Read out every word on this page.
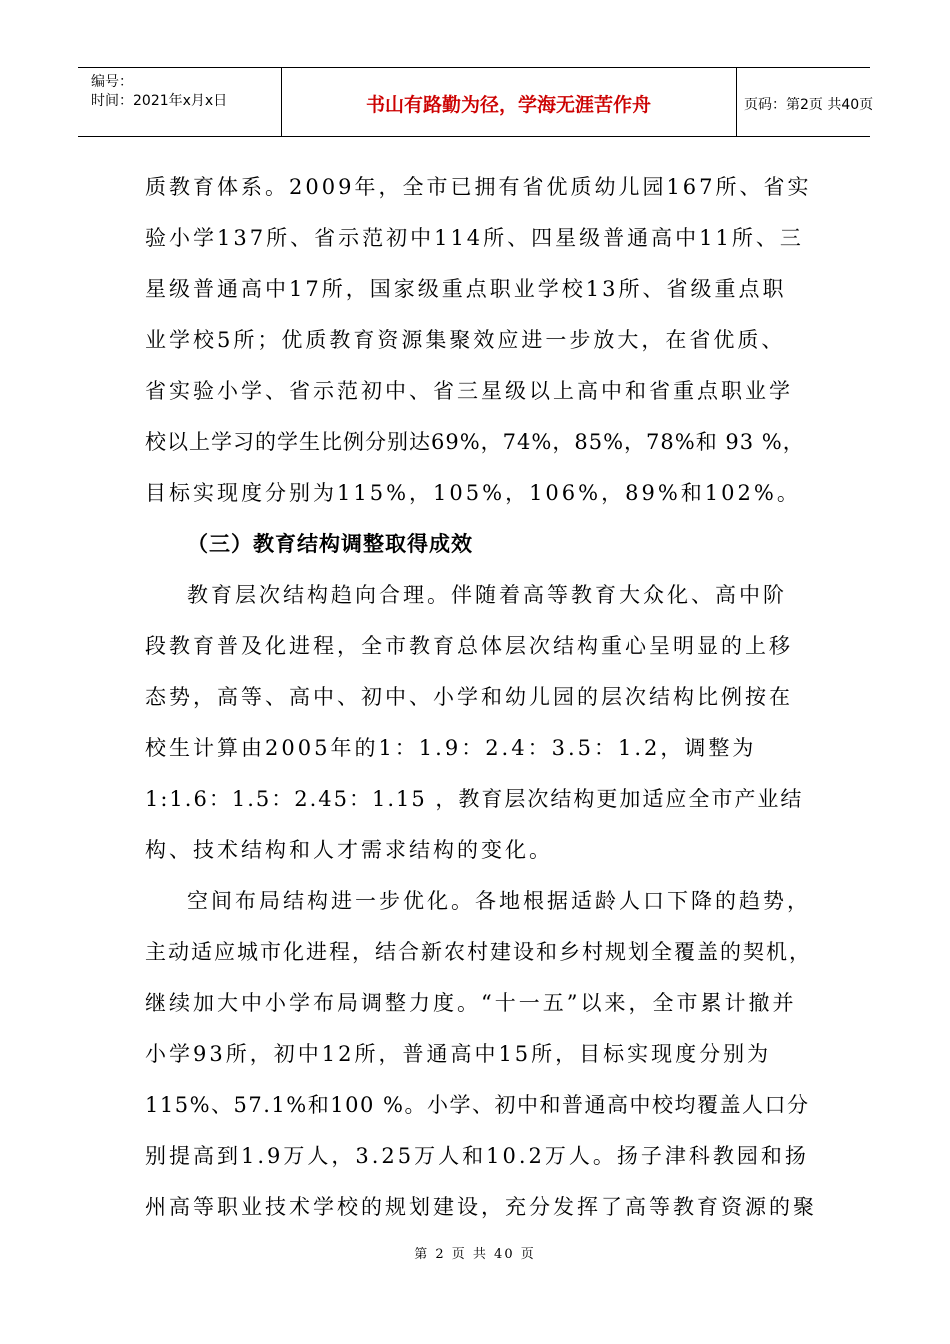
编号：
时间：2021年x月x日	书山有路勤为径，学海无涯苦作舟	页码：第2页 共40页
质教育体系。2009年，全市已拥有省优质幼儿园167所、省实
验小学137所、省示范初中114所、四星级普通高中11所、三
星级普通高中17所，国家级重点职业学校13所、省级重点职
业学校5所；优质教育资源集聚效应进一步放大，在省优质、
省实验小学、省示范初中、省三星级以上高中和省重点职业学
校以上学习的学生比例分别达69%，74%，85%，78%和 93 %，
目标实现度分别为115%，105%，106%，89%和102%。
（三）教育结构调整取得成效
教育层次结构趋向合理。伴随着高等教育大众化、高中阶
段教育普及化进程，全市教育总体层次结构重心呈明显的上移
态势，高等、高中、初中、小学和幼儿园的层次结构比例按在
校生计算由2005年的1：1.9：2.4：3.5：1.2，调整为
1:1.6：1.5：2.45：1.15 ，教育层次结构更加适应全市产业结
构、技术结构和人才需求结构的变化。
空间布局结构进一步优化。各地根据适龄人口下降的趋势，
主动适应城市化进程，结合新农村建设和乡村规划全覆盖的契机，
继续加大中小学布局调整力度。“十一五”以来，全市累计撤并
小学93所，初中12所，普通高中15所，目标实现度分别为
115%、57.1%和100 %。小学、初中和普通高中校均覆盖人口分
别提高到1.9万人，3.25万人和10.2万人。扬子津科教园和扬
州高等职业技术学校的规划建设，充分发挥了高等教育资源的聚
第 2 页 共 40 页
